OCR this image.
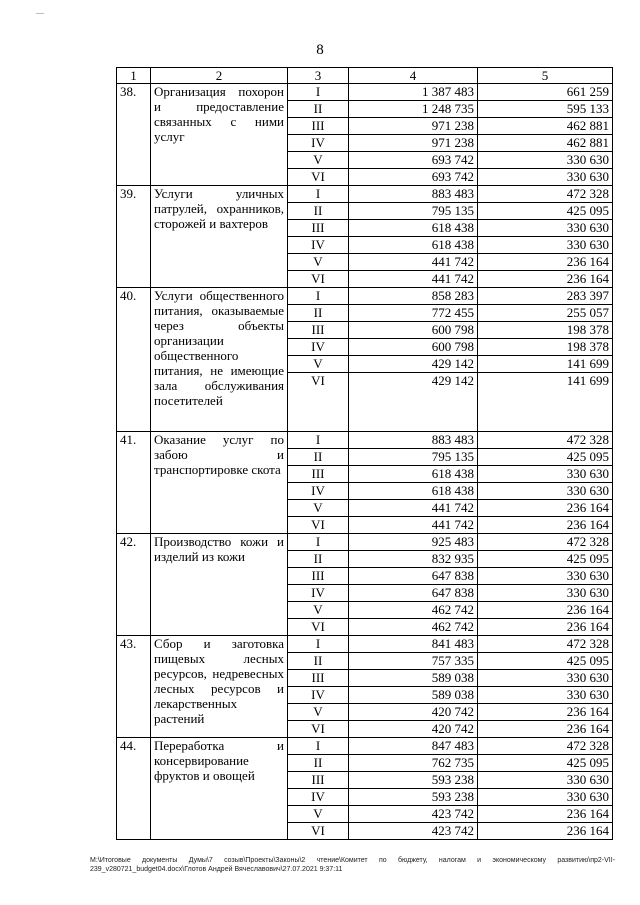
—
8
1	2	3	4	5
38.	Организация похорон и предоставление связанных с ними услуг	I	1 387 483	661 259
		II	1 248 735	595 133
		III	971 238	462 881
		IV	971 238	462 881
		V	693 742	330 630
		VI	693 742	330 630
39.	Услуги уличных патрулей, охранников, сторожей и вахтеров	I	883 483	472 328
		II	795 135	425 095
		III	618 438	330 630
		IV	618 438	330 630
		V	441 742	236 164
		VI	441 742	236 164
40.	Услуги общественного питания, оказываемые через объекты организации общественного питания, не имеющие зала обслуживания посетителей	I	858 283	283 397
		II	772 455	255 057
		III	600 798	198 378
		IV	600 798	198 378
		V	429 142	141 699
		VI	429 142	141 699
41.	Оказание услуг по забою и транспортировке скота	I	883 483	472 328
		II	795 135	425 095
		III	618 438	330 630
		IV	618 438	330 630
		V	441 742	236 164
		VI	441 742	236 164
42.	Производство кожи и изделий из кожи	I	925 483	472 328
		II	832 935	425 095
		III	647 838	330 630
		IV	647 838	330 630
		V	462 742	236 164
		VI	462 742	236 164
43.	Сбор и заготовка пищевых лесных ресурсов, недревесных лесных ресурсов и лекарственных растений	I	841 483	472 328
		II	757 335	425 095
		III	589 038	330 630
		IV	589 038	330 630
		V	420 742	236 164
		VI	420 742	236 164
44.	Переработка и консервирование фруктов и овощей	I	847 483	472 328
		II	762 735	425 095
		III	593 238	330 630
		IV	593 238	330 630
		V	423 742	236 164
		VI	423 742	236 164
M:\Итоговые документы Думы\7 созыв\Проекты\Законы\2 чтение\Комитет по бюджету, налогам и экономическому развитию\пр2-VII-239_v280721_budget04.docx\Глотов Андрей Вячеславович\27.07.2021 9:37:11
